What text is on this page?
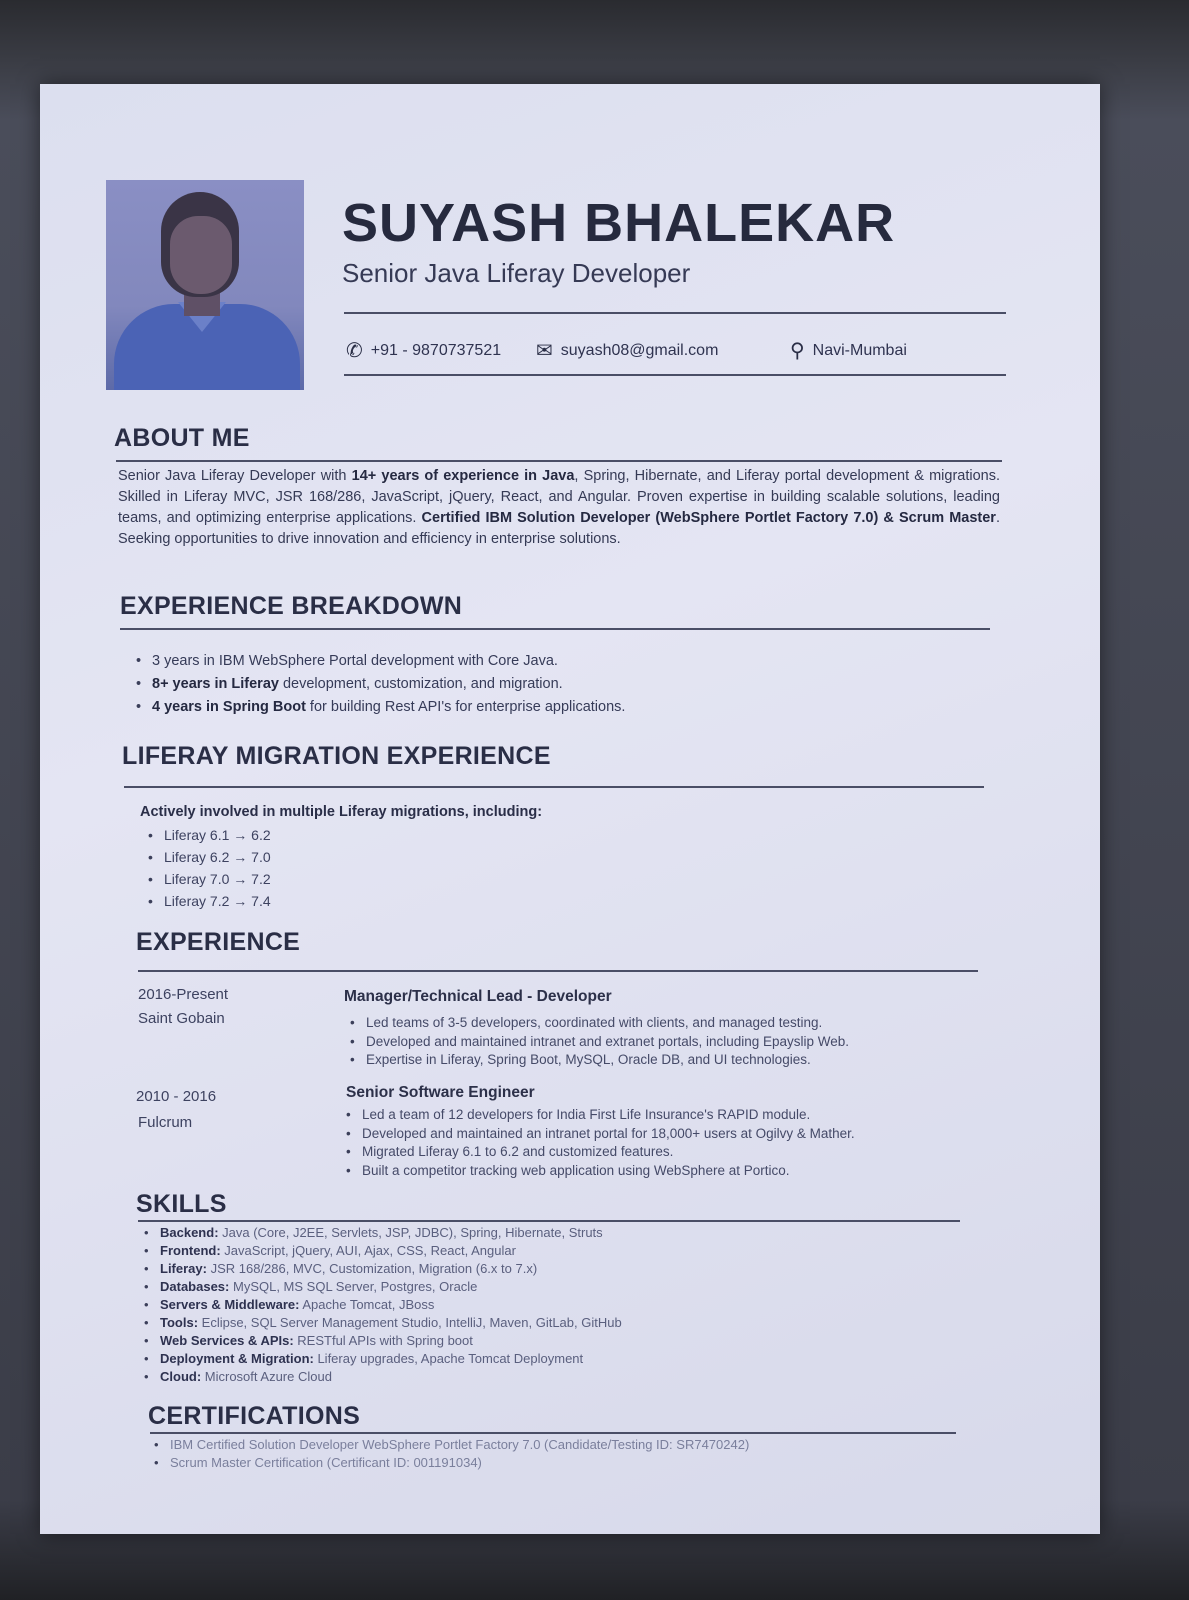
SUYASH BHALEKAR
Senior Java Liferay Developer
✆ +91 - 9870737521 ✉ suyash08@gmail.com	⚲ Navi-Mumbai
ABOUT ME
Senior Java Liferay Developer with 14+ years of experience in Java, Spring, Hibernate, and Liferay portal development & migrations. Skilled in Liferay MVC, JSR 168/286, JavaScript, jQuery, React, and Angular. Proven expertise in building scalable solutions, leading teams, and optimizing enterprise applications. Certified IBM Solution Developer (WebSphere Portlet Factory 7.0) & Scrum Master. Seeking opportunities to drive innovation and efficiency in enterprise solutions.
EXPERIENCE BREAKDOWN
• 3 years in IBM WebSphere Portal development with Core Java.
• 8+ years in Liferay development, customization, and migration.
• 4 years in Spring Boot for building Rest API's for enterprise applications.
LIFERAY MIGRATION EXPERIENCE
Actively involved in multiple Liferay migrations, including:
• Liferay 6.1 → 6.2
• Liferay 6.2 → 7.0
• Liferay 7.0 → 7.2
• Liferay 7.2 → 7.4
EXPERIENCE
2016-Present
Saint Gobain
Manager/Technical Lead - Developer
• Led teams of 3-5 developers, coordinated with clients, and managed testing.
• Developed and maintained intranet and extranet portals, including Epayslip Web.
• Expertise in Liferay, Spring Boot, MySQL, Oracle DB, and UI technologies.
2010 - 2016
Fulcrum
Senior Software Engineer
• Led a team of 12 developers for India First Life Insurance's RAPID module.
• Developed and maintained an intranet portal for 18,000+ users at Ogilvy & Mather.
• Migrated Liferay 6.1 to 6.2 and customized features.
• Built a competitor tracking web application using WebSphere at Portico.
SKILLS
• Backend: Java (Core, J2EE, Servlets, JSP, JDBC), Spring, Hibernate, Struts
• Frontend: JavaScript, jQuery, AUI, Ajax, CSS, React, Angular
• Liferay: JSR 168/286, MVC, Customization, Migration (6.x to 7.x)
• Databases: MySQL, MS SQL Server, Postgres, Oracle
• Servers & Middleware: Apache Tomcat, JBoss
• Tools: Eclipse, SQL Server Management Studio, IntelliJ, Maven, GitLab, GitHub
• Web Services & APIs: RESTful APIs with Spring boot
• Deployment & Migration: Liferay upgrades, Apache Tomcat Deployment
• Cloud: Microsoft Azure Cloud
CERTIFICATIONS
• IBM Certified Solution Developer WebSphere Portlet Factory 7.0 (Candidate/Testing ID: SR7470242)
• Scrum Master Certification (Certificant ID: 001191034)
